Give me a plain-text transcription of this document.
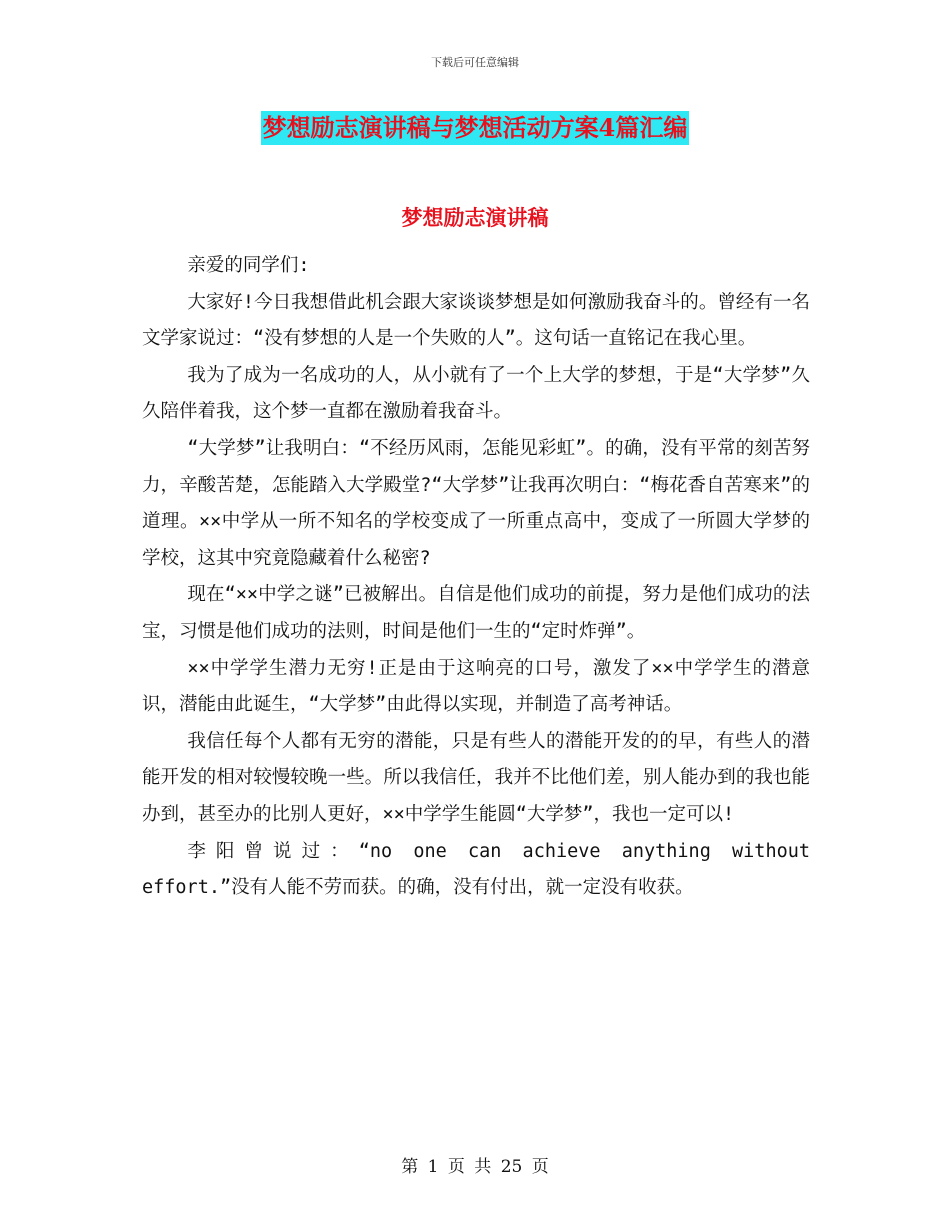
下载后可任意编辑
梦想励志演讲稿与梦想活动方案4篇汇编
梦想励志演讲稿

亲爱的同学们:

大家好!今日我想借此机会跟大家谈谈梦想是如何激励我奋斗的。曾经有一名文学家说过：“没有梦想的人是一个失败的人”。这句话一直铭记在我心里。

我为了成为一名成功的人，从小就有了一个上大学的梦想，于是“大学梦”久久陪伴着我，这个梦一直都在激励着我奋斗。

“大学梦”让我明白：“不经历风雨，怎能见彩虹”。的确，没有平常的刻苦努力，辛酸苦楚，怎能踏入大学殿堂?“大学梦”让我再次明白：“梅花香自苦寒来”的道理。××中学从一所不知名的学校变成了一所重点高中，变成了一所圆大学梦的学校，这其中究竟隐藏着什么秘密?

现在“××中学之谜”已被解出。自信是他们成功的前提，努力是他们成功的法宝，习惯是他们成功的法则，时间是他们一生的“定时炸弹”。

××中学学生潜力无穷!正是由于这响亮的口号，激发了××中学学生的潜意识，潜能由此诞生，“大学梦”由此得以实现，并制造了高考神话。

我信任每个人都有无穷的潜能，只是有些人的潜能开发的的早，有些人的潜能开发的相对较慢较晚一些。所以我信任，我并不比他们差，别人能办到的我也能办到，甚至办的比别人更好，××中学学生能圆“大学梦”，我也一定可以!

李阳曾说过：“no one can achieve anything without effort.”没有人能不劳而获。的确，没有付出，就一定没有收获。

第 1 页 共 25 页
